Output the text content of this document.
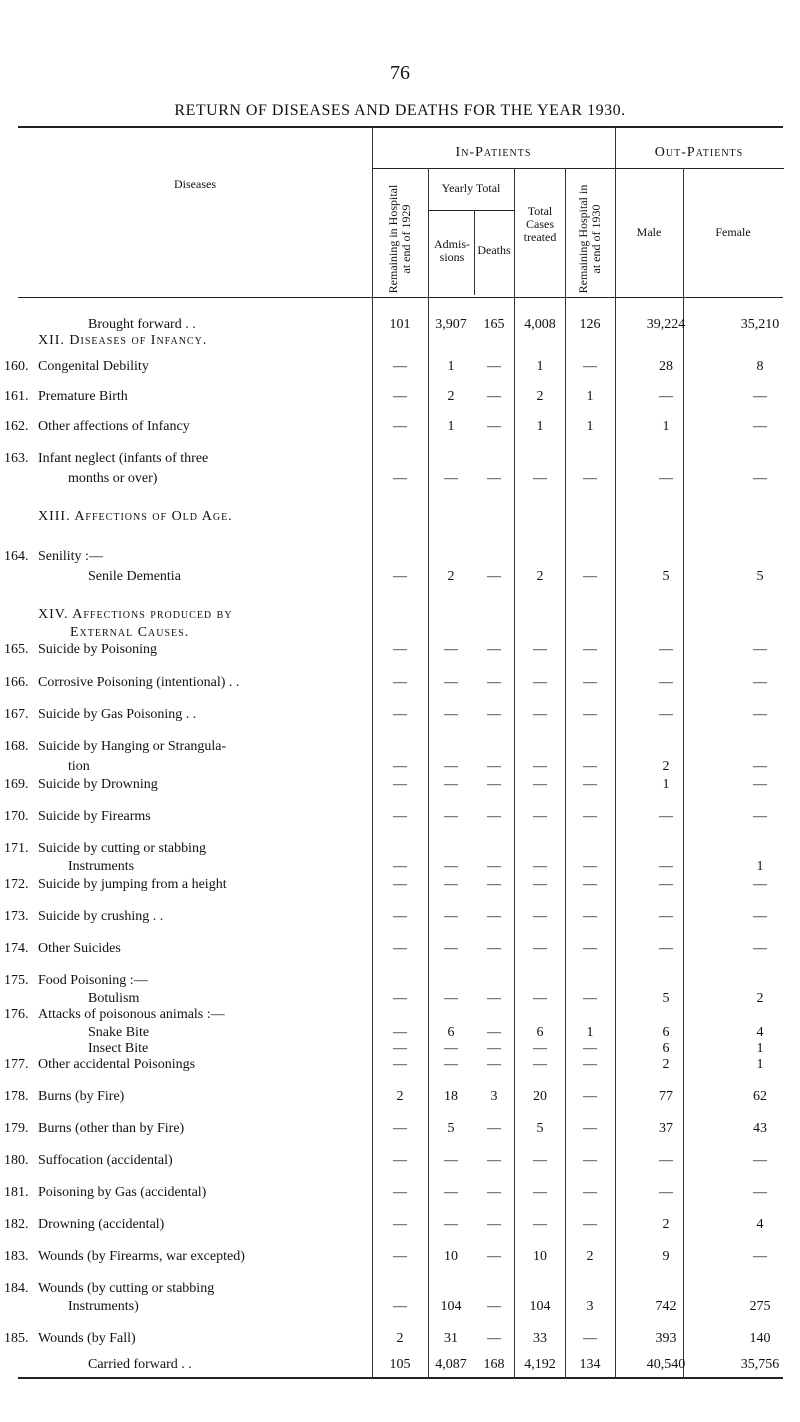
76
RETURN OF DISEASES AND DEATHS FOR THE YEAR 1930.
Diseases
In-Patients	Out-Patients
Remaining in Hospital at end of 1929
Yearly Total
Admis- sions	Deaths
Total Cases treated	Remaining Hospital in at end of 1930	Male	Female
Brought forward . .	101	3,907	165	4,008	126	39,224	35,210
XII. Diseases of Infancy.
160. Congenital Debility	—	1	—	1	—	28	8
161. Premature Birth	—	2	—	2	1	—	—
162. Other affections of Infancy	—	1	—	1	1	1	—
163. Infant neglect (infants of three
months or over)	—	—	—	—	—	—	—
XIII. Affections of Old Age.
164. Senility :—
Senile Dementia	—	2	—	2	—	5	5
XIV. Affections produced by
External Causes.
165. Suicide by Poisoning	—	—	—	—	—	—	—
166. Corrosive Poisoning (intentional) . .	—	—	—	—	—	—	—
167. Suicide by Gas Poisoning . .	—	—	—	—	—	—	—
168. Suicide by Hanging or Strangula-
tion	—	—	—	—	—	2	—
169. Suicide by Drowning	—	—	—	—	—	1	—
170. Suicide by Firearms	—	—	—	—	—	—	—
171. Suicide by cutting or stabbing
Instruments	—	—	—	—	—	—	1
172. Suicide by jumping from a height	—	—	—	—	—	—	—
173. Suicide by crushing . .	—	—	—	—	—	—	—
174. Other Suicides	—	—	—	—	—	—	—
175. Food Poisoning :—
Botulism	—	—	—	—	—	5	2
176. Attacks of poisonous animals :—
Snake Bite	—	6	—	6	1	6	4
Insect Bite	—	—	—	—	—	6	1
177. Other accidental Poisonings	—	—	—	—	—	2	1
178. Burns (by Fire)	2	18	3	20	—	77	62
179. Burns (other than by Fire)	—	5	—	5	—	37	43
180. Suffocation (accidental)	—	—	—	—	—	—	—
181. Poisoning by Gas (accidental)	—	—	—	—	—	—	—
182. Drowning (accidental)	—	—	—	—	—	2	4
183. Wounds (by Firearms, war excepted)	—	10	—	10	2	9	—
184. Wounds (by cutting or stabbing
Instruments)	—	104	—	104	3	742	275
185. Wounds (by Fall)	2	31	—	33	—	393	140
Carried forward . .	105	4,087	168	4,192	134	40,540	35,756
